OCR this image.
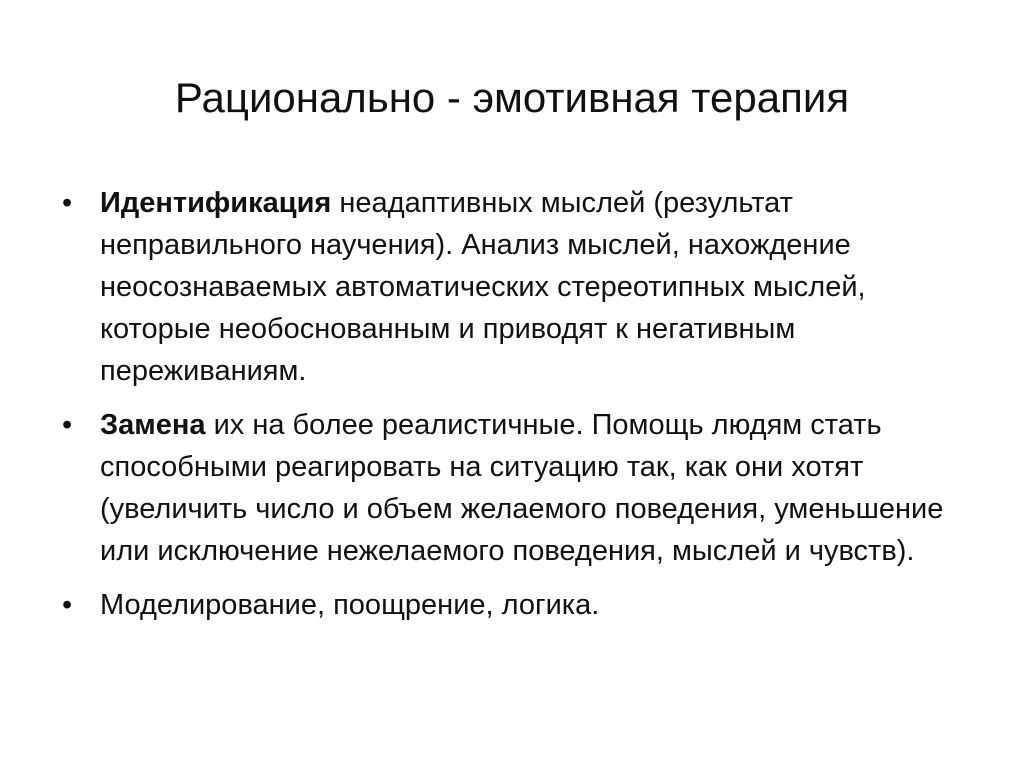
Рационально - эмотивная терапия
• Идентификация неадаптивных мыслей (результат неправильного научения). Анализ мыслей, нахождение неосознаваемых автоматических стереотипных мыслей, которые необоснованным и приводят к негативным переживаниям.
• Замена их на более реалистичные. Помощь людям стать способными реагировать на ситуацию так, как они хотят (увеличить число и объем желаемого поведения, уменьшение или исключение нежелаемого поведения, мыслей и чувств).
• Моделирование, поощрение, логика.
